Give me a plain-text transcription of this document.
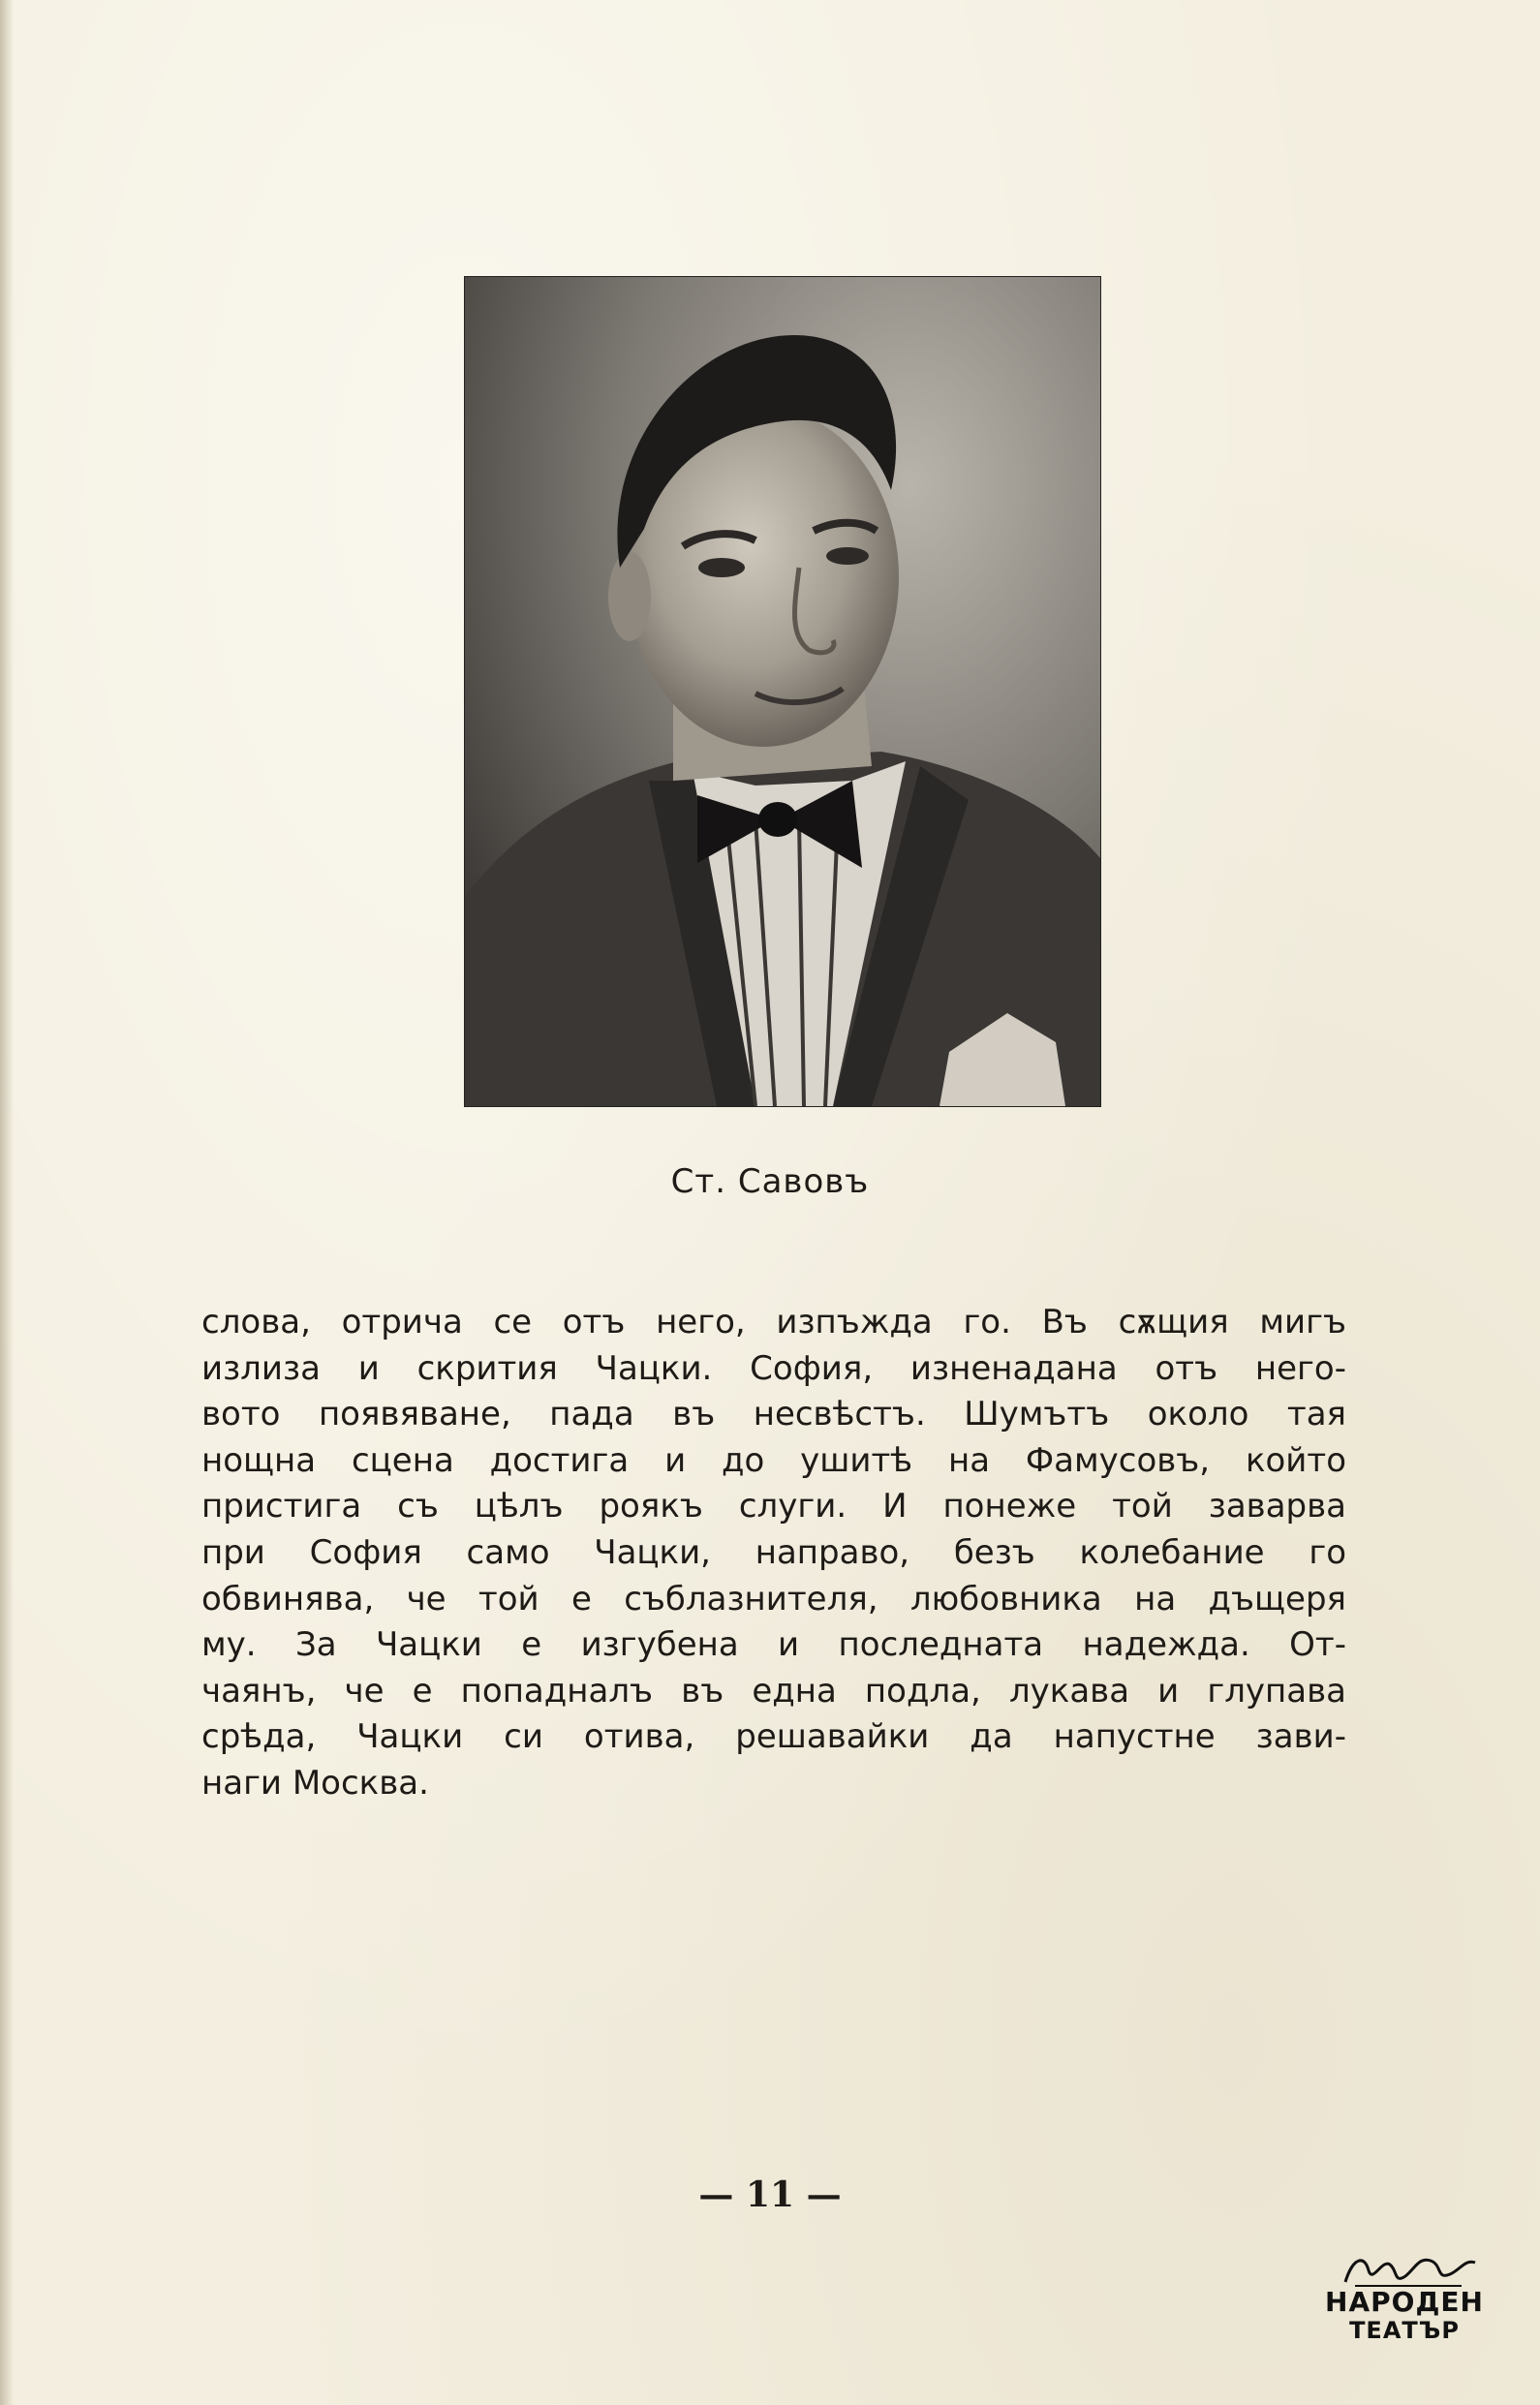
Ст. Савовъ
слова, отрича се отъ него, изпъжда го. Въ сѫщия мигъ
излиза и скрития Чацки. София, изненадана отъ него-
вото появяване, пада въ несвѣстъ. Шумътъ около тая
нощна сцена достига и до ушитѣ на Фамусовъ, който
пристига съ цѣлъ роякъ слуги. И понеже той заварва
при София само Чацки, направо, безъ колебание го
обвинява, че той е съблазнителя, любовника на дъщеря
му. За Чацки е изгубена и последната надежда. От-
чаянъ, че е попадналъ въ една подла, лукава и глупава
срѣда, Чацки си отива, решавайки да напустне зави-
наги Москва.
— 11 —
НАРОДЕН
ТЕАТЪР
